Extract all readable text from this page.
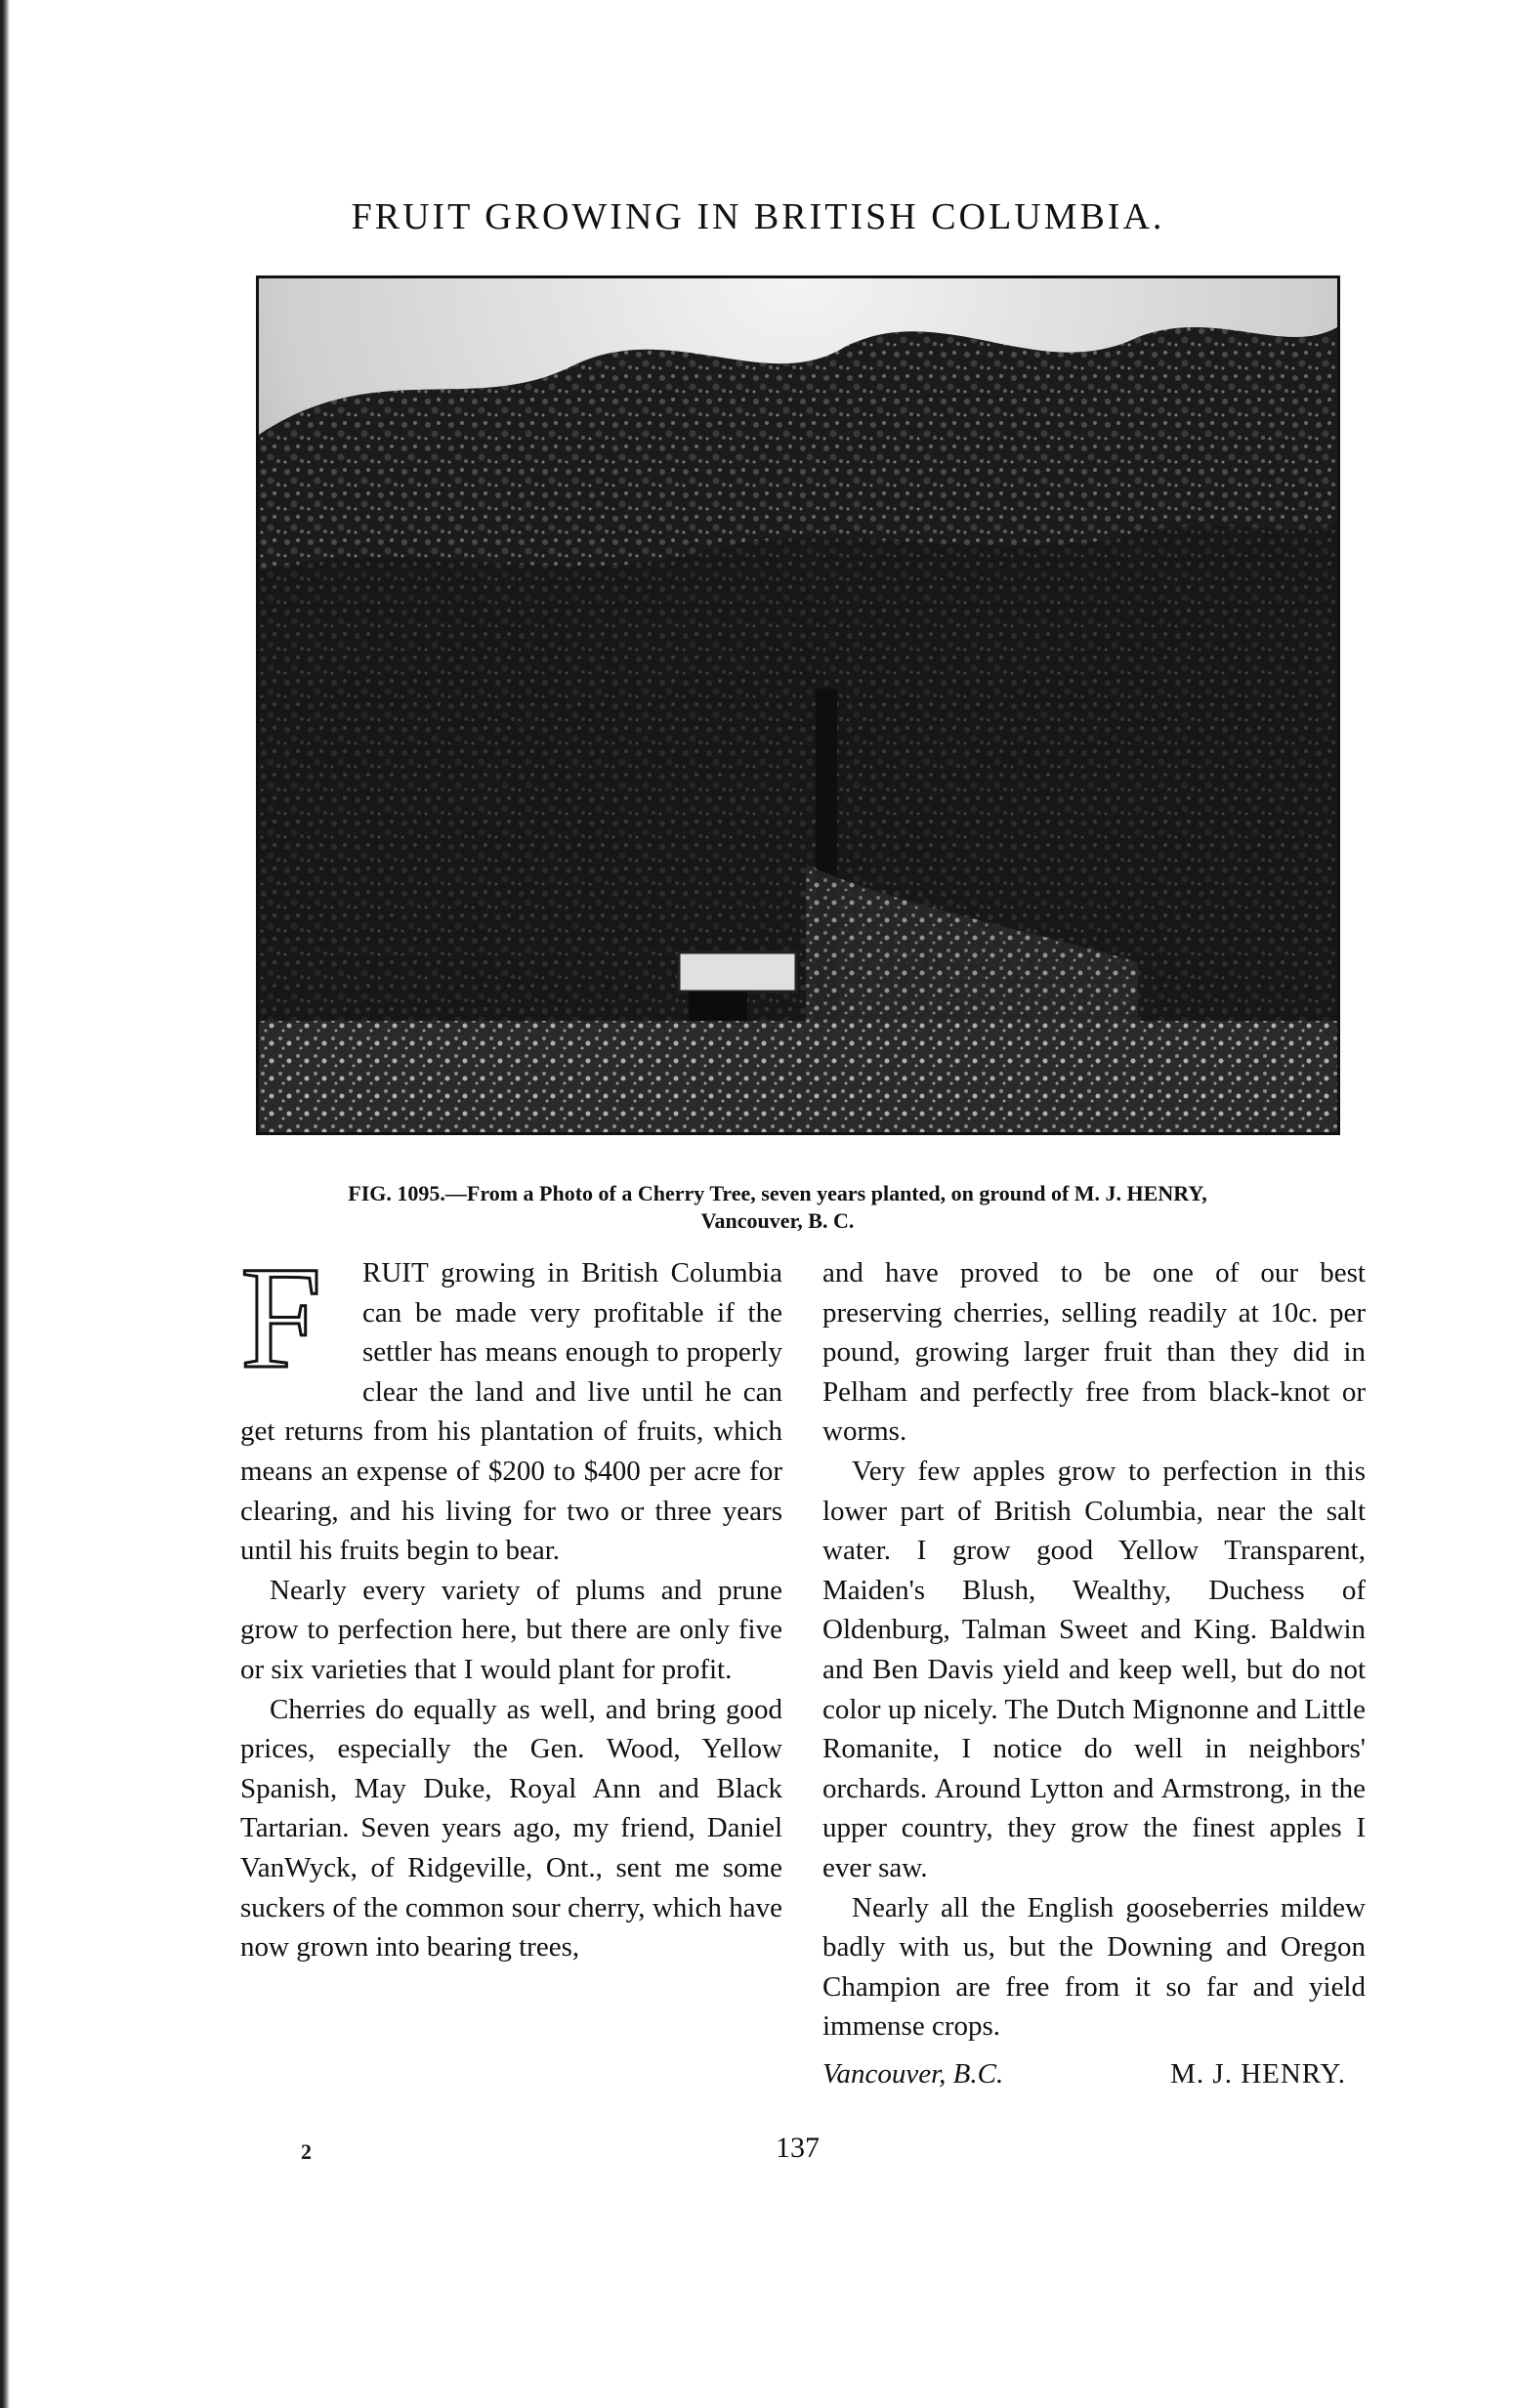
FRUIT GROWING IN BRITISH COLUMBIA.
FIG. 1095.—From a Photo of a Cherry Tree, seven years planted, on ground of M. J. HENRY,
Vancouver, B. C.

F	RUIT growing in British Columbia can be made very profitable if the settler has means enough to properly clear the land and live until he can get returns from his plantation of fruits, which means an expense of $200 to $400 per acre for clearing, and his living for two or three years until his fruits begin to bear.

Nearly every variety of plums and prune grow to perfection here, but there are only five or six varieties that I would plant for profit.

Cherries do equally as well, and bring good prices, especially the Gen. Wood, Yellow Spanish, May Duke, Royal Ann and Black Tartarian. Seven years ago, my friend, Daniel VanWyck, of Ridgeville, Ont., sent me some suckers of the common sour cherry, which have now grown into bearing trees,

and have proved to be one of our best preserving cherries, selling readily at 10c. per pound, growing larger fruit than they did in Pelham and perfectly free from black-knot or worms.

Very few apples grow to perfection in this lower part of British Columbia, near the salt water. I grow good Yellow Transparent, Maiden's Blush, Wealthy, Duchess of Oldenburg, Talman Sweet and King. Baldwin and Ben Davis yield and keep well, but do not color up nicely. The Dutch Mignonne and Little Romanite, I notice do well in neighbors' orchards. Around Lytton and Armstrong, in the upper country, they grow the finest apples I ever saw.

Nearly all the English gooseberries mildew badly with us, but the Downing and Oregon Champion are free from it so far and yield immense crops.

Vancouver, B.C.	M. J. HENRY.
2	137
